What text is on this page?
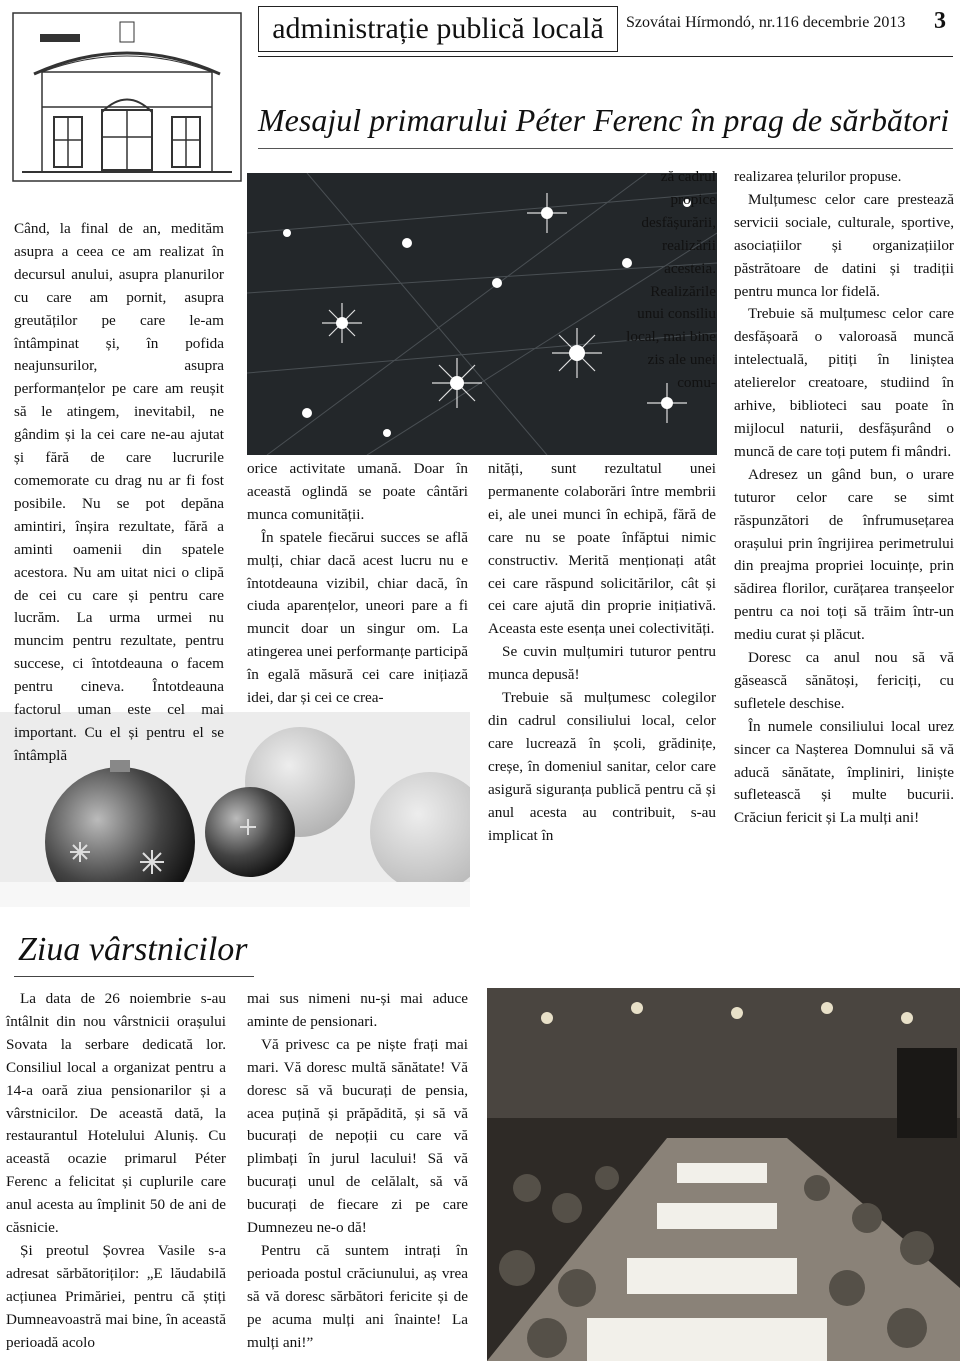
administrație publică locală	Szovátai Hírmondó, nr.116 decembrie 2013 3
Mesajul primarului Péter Ferenc în prag de sărbători

Când, la final de an, medităm asupra a ceea ce am realizat în decursul anului, asupra planurilor cu care am pornit, asupra greutăților pe care le-am întâmpinat și, în pofida neajunsurilor, asupra performanțelor pe care am reușit să le atingem, inevitabil, ne gândim și la cei care ne-au ajutat și fără de care lucrurile comemorate cu drag nu ar fi fost posibile. Nu se pot depăna amintiri, înșira rezultate, fără a aminti oamenii din spatele acestora. Nu am uitat nici o clipă de cei cu care și pentru care lucrăm. La urma urmei nu muncim pentru rezultate, pentru succese, ci întotdeauna o facem pentru cineva. Întotdeauna factorul uman este cel mai important. Cu el și pentru el se întâmplă

orice activitate umană. Doar în această oglindă se poate cântări munca comunității.

În spatele fiecărui succes se află mulți, chiar dacă acest lucru nu e întotdeauna vizibil, chiar dacă, în ciuda aparențelor, uneori pare a fi muncit doar un singur om. La atingerea unei performanțe participă în egală măsură cei care inițiază idei, dar și cei ce crea-

ză cadrul propice desfășurării, realizării acesteia. Realizările unui consiliu local, mai bine zis ale unei comu-

nități, sunt rezultatul unei permanente colaborări între membrii ei, ale unei munci în echipă, fără de care nu se poate înfăptui nimic constructiv. Merită menționați atât cei care răspund solicitărilor, cât și cei care ajută din proprie inițiativă. Aceasta este esența unei colectivități.

Se cuvin mulțumiri tuturor pentru munca depusă!

Trebuie să mulțumesc colegilor din cadrul consiliului local, celor care lucrează în școli, grădinițe, creșe, în domeniul sanitar, celor care asigură siguranța publică pentru că și anul acesta au contribuit, s-au implicat în

realizarea țelurilor propuse.

Mulțumesc celor care prestează servicii sociale, culturale, sportive, asociațiilor și organizațiilor păstrătoare de datini și tradiții pentru munca lor fidelă.

Trebuie să mulțumesc celor care desfășoară o valoroasă muncă intelectuală, pitiți în liniștea atelierelor creatoare, studiind în arhive, biblioteci sau poate în mijlocul naturii, desfășurând o muncă de care toți putem fi mândri.

Adresez un gând bun, o urare tuturor celor care se simt răspunzători de înfrumusețarea orașului prin îngrijirea perimetrului din preajma propriei locuințe, prin sădirea florilor, curățarea tranșeelor pentru ca noi toți să trăim într-un mediu curat și plăcut.

Doresc ca anul nou să vă găsească sănătoși, fericiți, cu sufletele deschise.

În numele consiliului local urez sincer ca Nașterea Domnului să vă aducă sănătate, împliniri, liniște sufletească și multe bucurii. Crăciun fericit și La mulți ani!

Ziua vârstnicilor

La data de 26 noiembrie s-au întâlnit din nou vârstnicii orașului Sovata la serbare dedicată lor. Consiliul local a organizat pentru a 14-a oară ziua pensionarilor și a vârstnicilor. De această dată, la restaurantul Hotelului Aluniș. Cu această ocazie primarul Péter Ferenc a felicitat și cuplurile care anul acesta au împlinit 50 de ani de căsnicie.

Și preotul Șovrea Vasile s-a adresat sărbătoriților: „E lăudabilă acțiunea Primăriei, pentru că știți Dumneavoastră mai bine, în această perioadă acolo

mai sus nimeni nu-și mai aduce aminte de pensionari.

Vă privesc ca pe niște frați mai mari. Vă doresc multă sănătate! Vă doresc să vă bucurați de pensia, acea puțină și prăpădită, și să vă bucurați de nepoții cu care vă plimbați în jurul lacului! Să vă bucurați unul de celălalt, să vă bucurați de fiecare zi pe care Dumnezeu ne-o dă!

Pentru că suntem intrați în perioada postul crăciunului, aș vrea să vă doresc sărbători fericite și de pe acuma mulți ani înainte! La mulți ani!”
